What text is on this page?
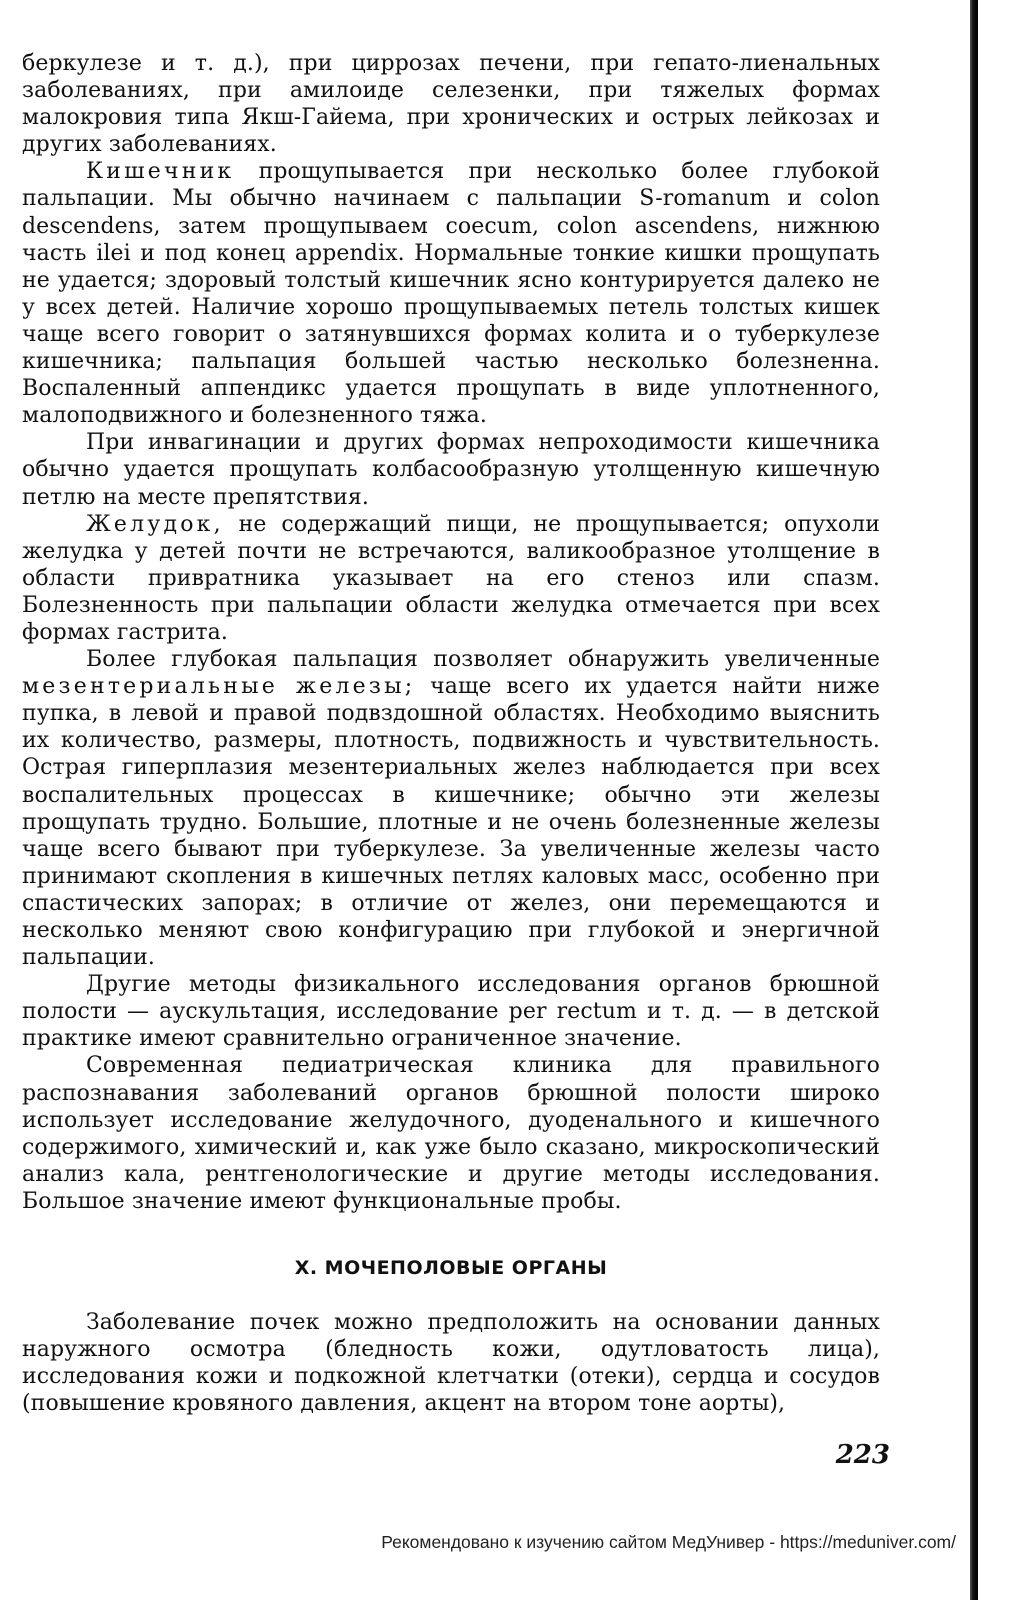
беркулезе и т. д.), при циррозах печени, при гепато-лиенальных заболеваниях, при амилоиде селезенки, при тяжелых формах малокровия типа Якш-Гайема, при хронических и острых лейкозах и других заболеваниях.

Кишечник прощупывается при несколько более глубокой пальпации. Мы обычно начинаем с пальпации S-romanum и colon descendens, затем прощупываем coecum, colon ascendens, нижнюю часть ilei и под конец appendix. Нормальные тонкие кишки прощупать не удается; здоровый толстый кишечник ясно контурируется далеко не у всех детей. Наличие хорошо прощупываемых петель толстых кишек чаще всего говорит о затянувшихся формах колита и о туберкулезе кишечника; пальпация большей частью несколько болезненна. Воспаленный аппендикс удается прощупать в виде уплотненного, малоподвижного и болезненного тяжа.

При инвагинации и других формах непроходимости кишечника обычно удается прощупать колбасообразную утолщенную кишечную петлю на месте препятствия.

Желудок, не содержащий пищи, не прощупывается; опухоли желудка у детей почти не встречаются, валикообразное утолщение в области привратника указывает на его стеноз или спазм. Болезненность при пальпации области желудка отмечается при всех формах гастрита.

Более глубокая пальпация позволяет обнаружить увеличенные мезентериальные железы; чаще всего их удается найти ниже пупка, в левой и правой подвздошной областях. Необходимо выяснить их количество, размеры, плотность, подвижность и чувствительность. Острая гиперплазия мезентериальных желез наблюдается при всех воспалительных процессах в кишечнике; обычно эти железы прощупать трудно. Большие, плотные и не очень болезненные железы чаще всего бывают при туберкулезе. За увеличенные железы часто принимают скопления в кишечных петлях каловых масс, особенно при спастических запорах; в отличие от желез, они перемещаются и несколько меняют свою конфигурацию при глубокой и энергичной пальпации.

Другие методы физикального исследования органов брюшной полости — аускультация, исследование per rectum и т. д. — в детской практике имеют сравнительно ограниченное значение.

Современная педиатрическая клиника для правильного распознавания заболеваний органов брюшной полости широко использует исследование желудочного, дуоденального и кишечного содержимого, химический и, как уже было сказано, микроскопический анализ кала, рентгенологические и другие методы исследования. Большое значение имеют функциональные пробы.

X. МОЧЕПОЛОВЫЕ ОРГАНЫ

Заболевание почек можно предположить на основании данных наружного осмотра (бледность кожи, одутловатость лица), исследования кожи и подкожной клетчатки (отеки), сердца и сосудов (повышение кровяного давления, акцент на втором тоне аорты),

223
Рекомендовано к изучению сайтом МедУнивер - https://meduniver.com/
